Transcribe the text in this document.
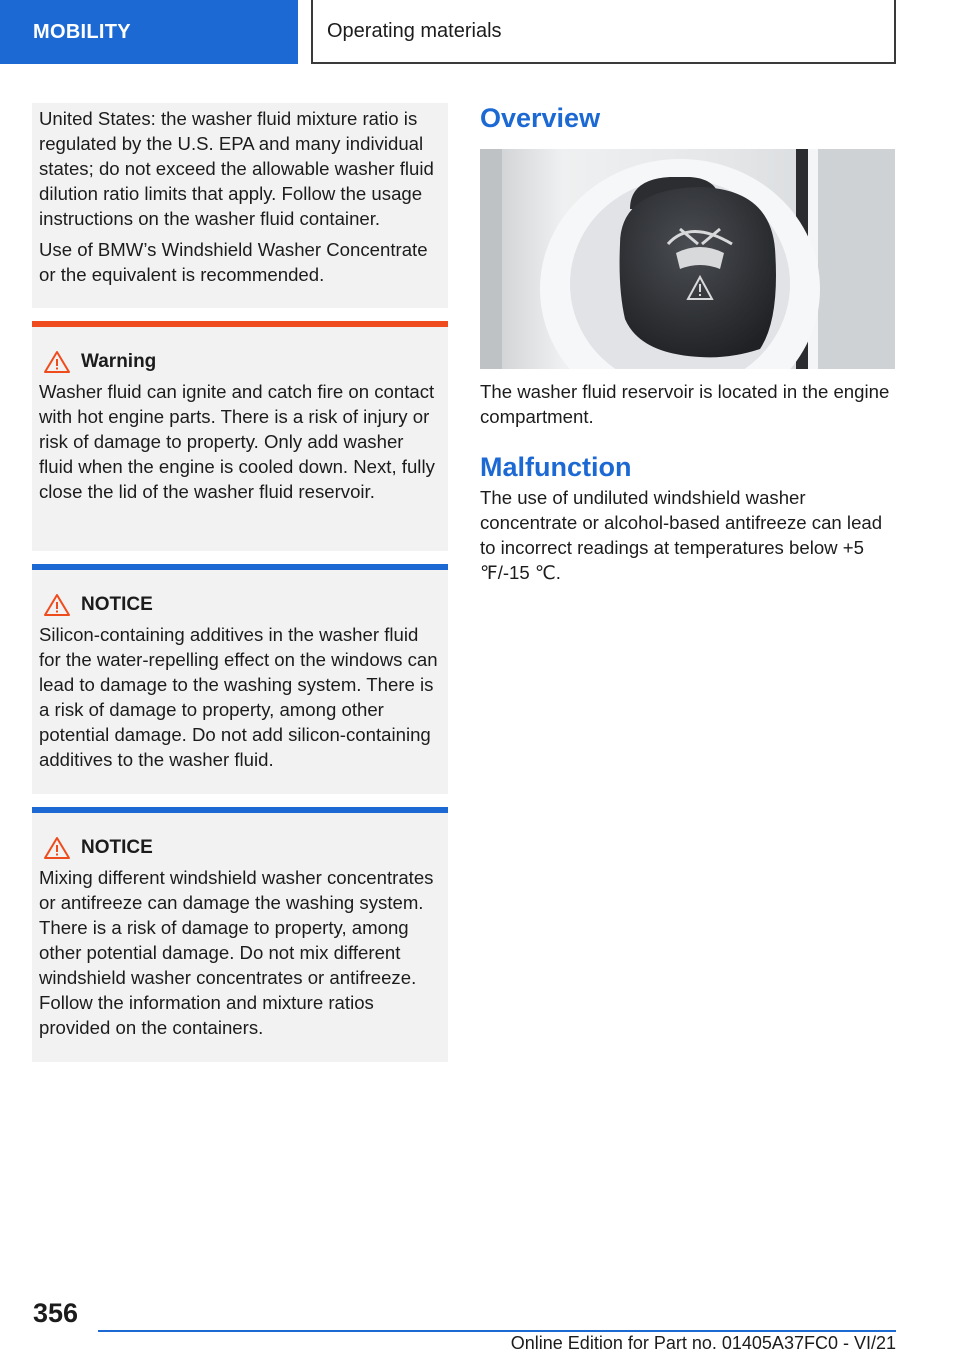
MOBILITY	Operating materials

United States: the washer fluid mixture ratio is regulated by the U.S. EPA and many individual states; do not exceed the allowable washer fluid dilution ratio limits that apply. Follow the usage instructions on the washer fluid container.

Use of BMW’s Windshield Washer Concentrate or the equivalent is recommended.

Warning

Washer fluid can ignite and catch fire on contact with hot engine parts. There is a risk of injury or risk of damage to property. Only add washer fluid when the engine is cooled down. Next, fully close the lid of the washer fluid reservoir.

NOTICE

Silicon-containing additives in the washer fluid for the water-repelling effect on the windows can lead to damage to the washing system. There is a risk of damage to property, among other potential damage. Do not add silicon-containing additives to the washer fluid.

NOTICE

Mixing different windshield washer concentrates or antifreeze can damage the washing system. There is a risk of damage to property, among other potential damage. Do not mix different windshield washer concentrates or antifreeze. Follow the information and mixture ratios provided on the containers.

Overview

The washer fluid reservoir is located in the engine compartment.

Malfunction

The use of undiluted windshield washer concentrate or alcohol-based antifreeze can lead to incorrect readings at temperatures below +5 ℉/-15 ℃.

356
Online Edition for Part no. 01405A37FC0 - VI/21
